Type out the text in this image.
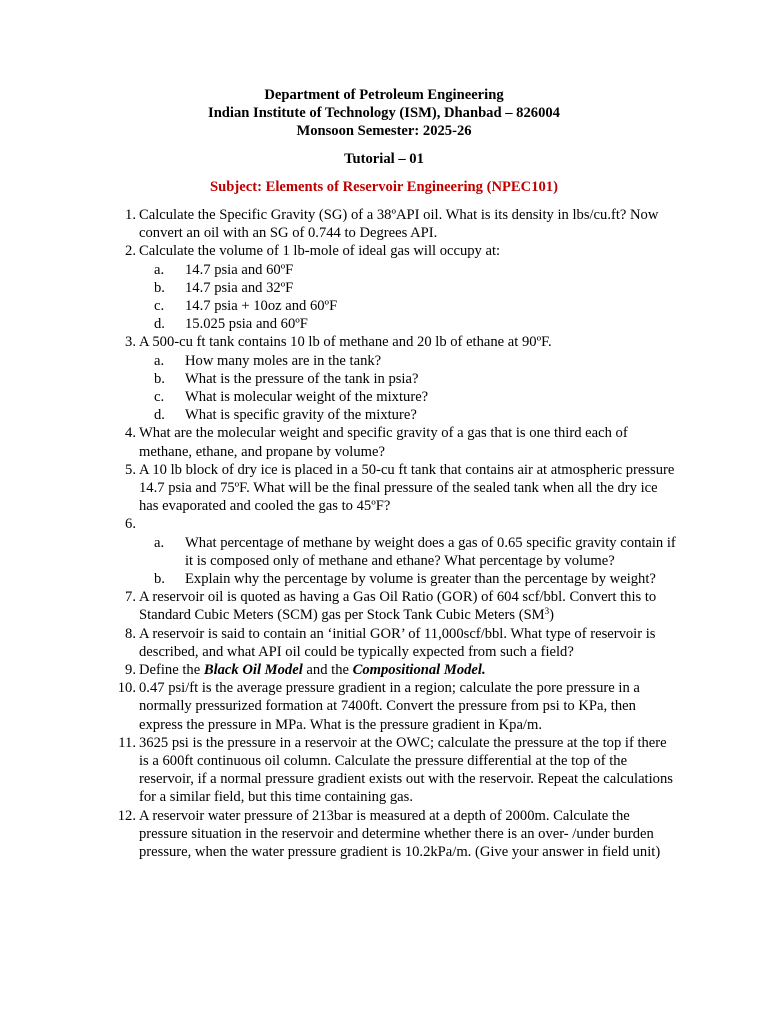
Department of Petroleum Engineering
Indian Institute of Technology (ISM), Dhanbad – 826004
Monsoon Semester: 2025-26
Tutorial – 01
Subject: Elements of Reservoir Engineering (NPEC101)
1. Calculate the Specific Gravity (SG) of a 38ºAPI oil. What is its density in lbs/cu.ft? Now convert an oil with an SG of 0.744 to Degrees API.
2. Calculate the volume of 1 lb-mole of ideal gas will occupy at:
a.	14.7 psia and 60ºF
b.	14.7 psia and 32ºF
c.	14.7 psia + 10oz and 60ºF
d.	15.025 psia and 60ºF
3. A 500-cu ft tank contains 10 lb of methane and 20 lb of ethane at 90ºF.
a.	How many moles are in the tank?
b.	What is the pressure of the tank in psia?
c.	What is molecular weight of the mixture?
d.	What is specific gravity of the mixture?
4. What are the molecular weight and specific gravity of a gas that is one third each of methane, ethane, and propane by volume?
5. A 10 lb block of dry ice is placed in a 50-cu ft tank that contains air at atmospheric pressure 14.7 psia and 75ºF. What will be the final pressure of the sealed tank when all the dry ice has evaporated and cooled the gas to 45ºF?
6.
a.	What percentage of methane by weight does a gas of 0.65 specific gravity contain if it is composed only of methane and ethane? What percentage by volume?
b.	Explain why the percentage by volume is greater than the percentage by weight?
7. A reservoir oil is quoted as having a Gas Oil Ratio (GOR) of 604 scf/bbl. Convert this to Standard Cubic Meters (SCM) gas per Stock Tank Cubic Meters $(SM^3)$
8. A reservoir is said to contain an ‘initial GOR’ of 11,000scf/bbl. What type of reservoir is described, and what API oil could be typically expected from such a field?
9. Define the Black Oil Model and the Compositional Model.
10. 0.47 psi/ft is the average pressure gradient in a region; calculate the pore pressure in a normally pressurized formation at 7400ft. Convert the pressure from psi to KPa, then express the pressure in MPa. What is the pressure gradient in Kpa/m.
11. 3625 psi is the pressure in a reservoir at the OWC; calculate the pressure at the top if there is a 600ft continuous oil column. Calculate the pressure differential at the top of the reservoir, if a normal pressure gradient exists out with the reservoir. Repeat the calculations for a similar field, but this time containing gas.
12. A reservoir water pressure of 213bar is measured at a depth of 2000m. Calculate the pressure situation in the reservoir and determine whether there is an over- /under burden pressure, when the water pressure gradient is 10.2kPa/m. (Give your answer in field unit)
